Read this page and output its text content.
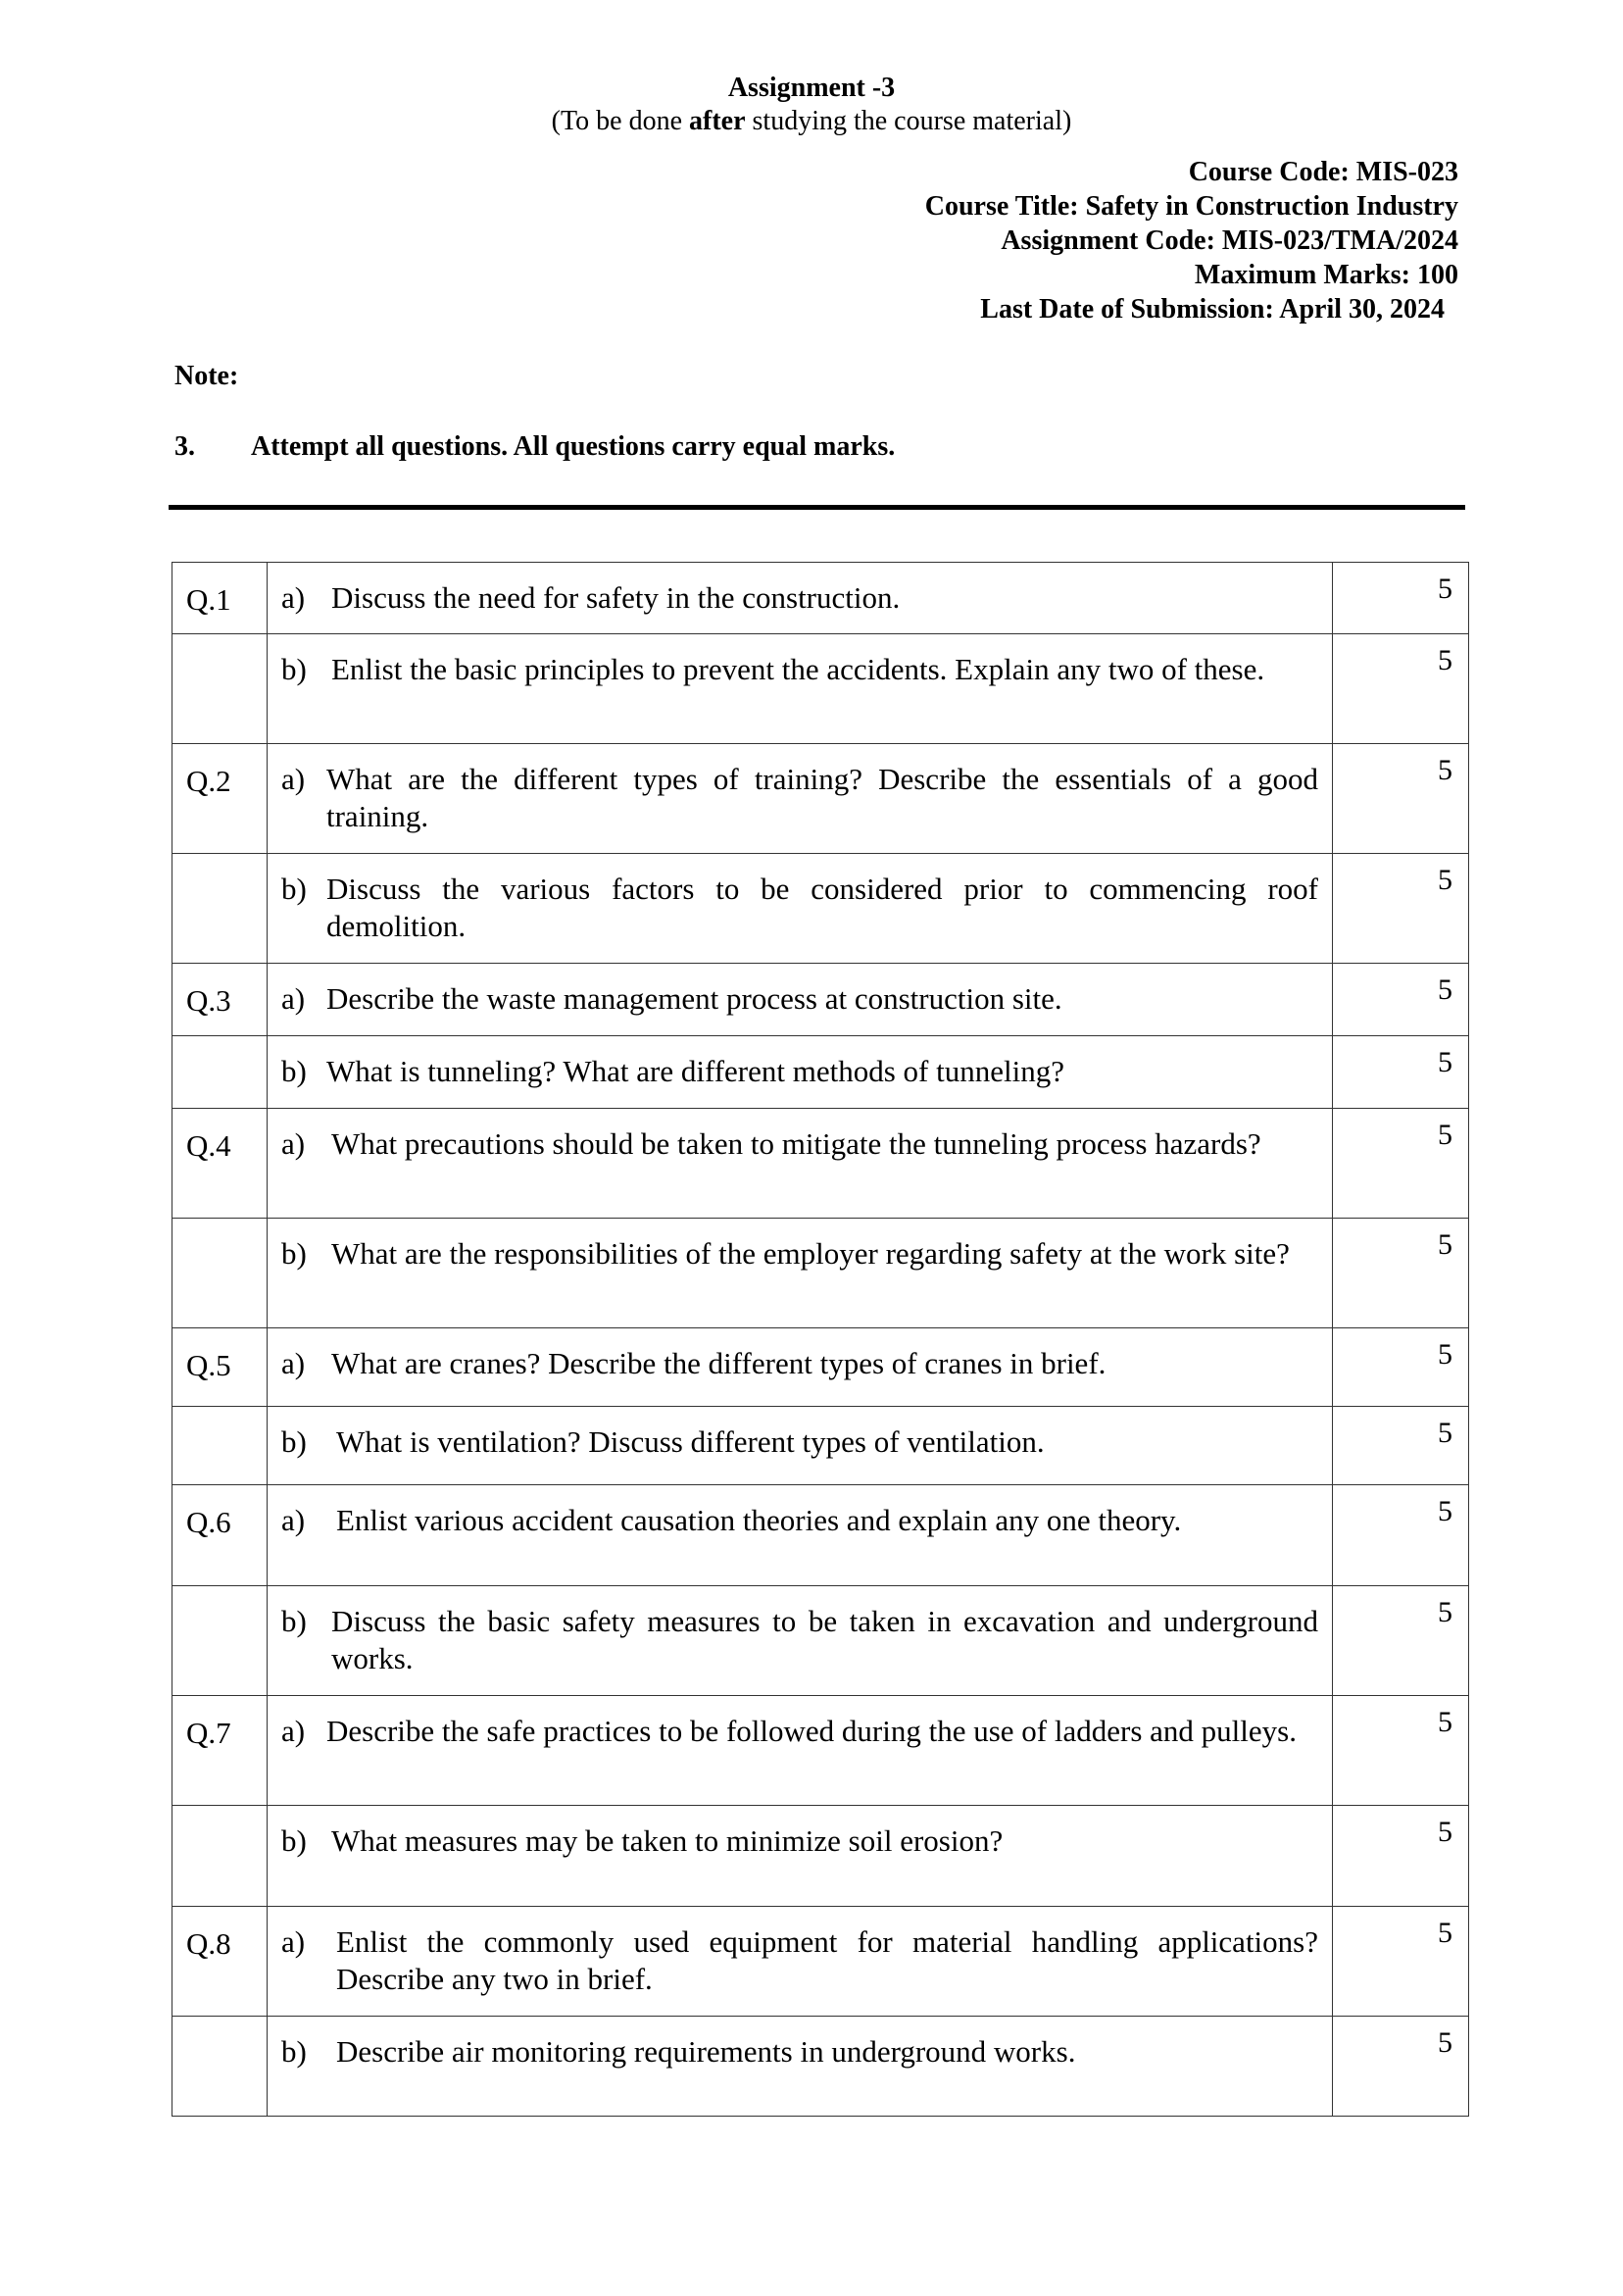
Assignment -3
(To be done after studying the course material)
Course Code: MIS-023
Course Title: Safety in Construction Industry
Assignment Code: MIS-023/TMA/2024
Maximum Marks: 100
Last Date of Submission: April 30, 2024
Note:
3.	Attempt all questions. All questions carry equal marks.
Q.1	a) Discuss the need for safety in the construction.	5

	b) Enlist the basic principles to prevent the accidents. Explain any two of these.	5
Q.2	a) What are the different types of training? Describe the essentials of a good training.	5

	b) Discuss the various factors to be considered prior to commencing roof demolition.	5
Q.3	a) Describe the waste management process at construction site.	5

	b) What is tunneling? What are different methods of tunneling?	5
Q.4	a) What precautions should be taken to mitigate the tunneling process hazards?	5

	b) What are the responsibilities of the employer regarding safety at the work site?	5
Q.5	a) What are cranes? Describe the different types of cranes in brief.	5

	b) What is ventilation? Discuss different types of ventilation.	5
Q.6	a) Enlist various accident causation theories and explain any one theory.	5

	b) Discuss the basic safety measures to be taken in excavation and underground works.	5
Q.7	a) Describe the safe practices to be followed during the use of ladders and pulleys.	5

	b) What measures may be taken to minimize soil erosion?	5
Q.8	a) Enlist the commonly used equipment for material handling applications? Describe any two in brief.	5

	b) Describe air monitoring requirements in underground works.	5
